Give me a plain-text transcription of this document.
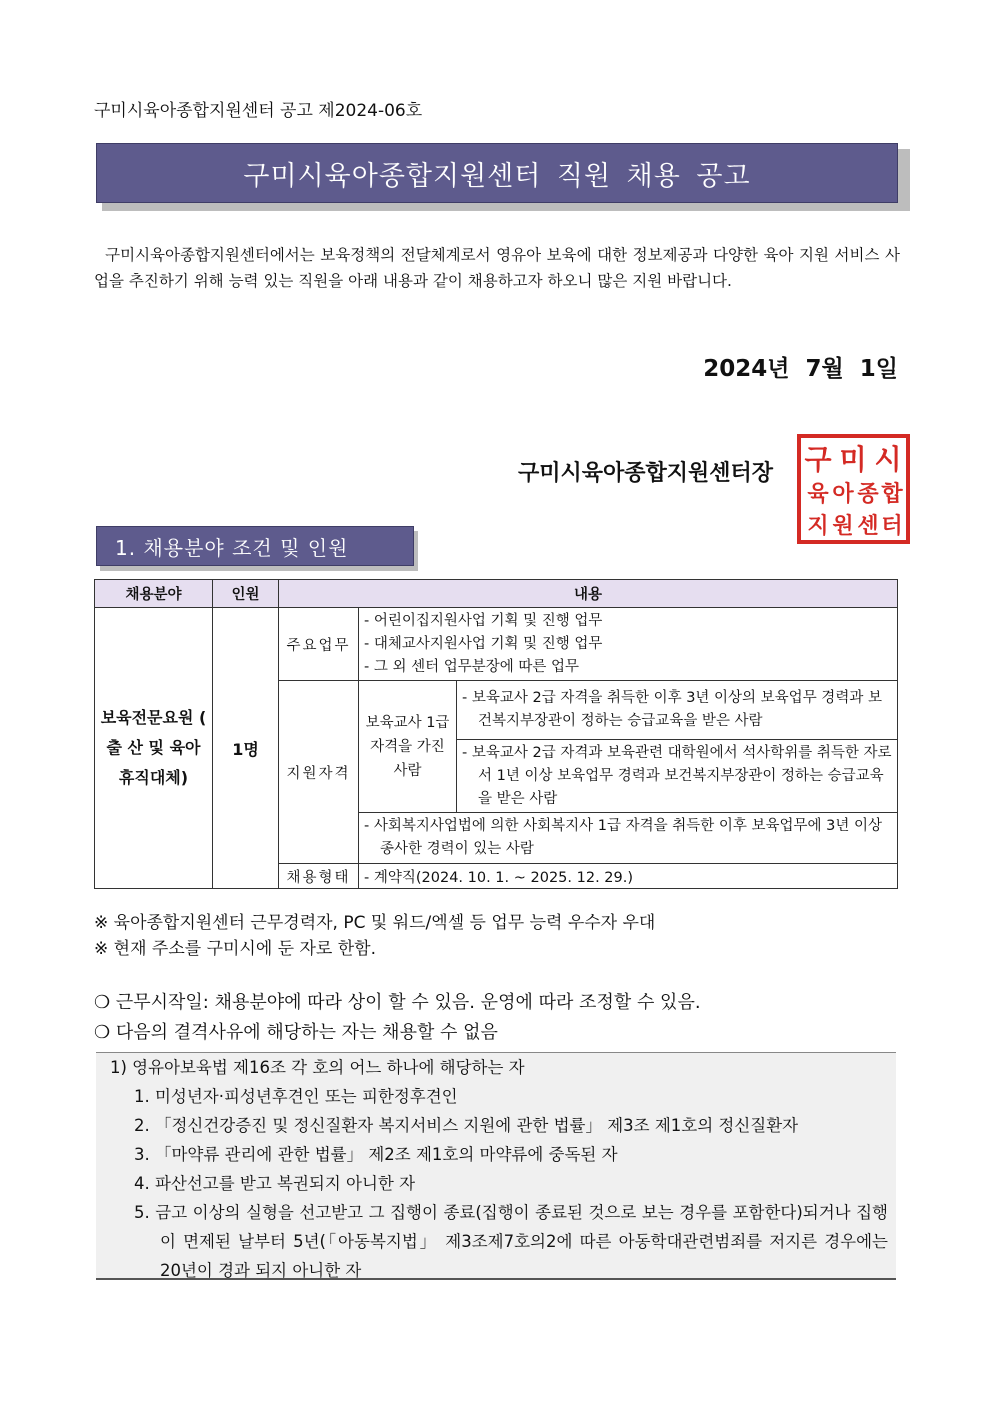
구미시육아종합지원센터 공고 제2024-06호
구미시육아종합지원센터 직원 채용 공고
구미시육아종합지원센터에서는 보육정책의 전달체계로서 영유아 보육에 대한 정보제공과 다양한 육아 지원 서비스 사업을 추진하기 위해 능력 있는 직원을 아래 내용과 같이 채용하고자 하오니 많은 지원 바랍니다.
2024년 7월 1일
구미시육아종합지원센터장 구 미 시
육 아 종 합
지 원 센 터
1. 채용분야 조건 및 인원
채용분야	인원	내용		
보육전문요원 ( 출 산 및 육아휴직대체)	1명	주요업무	- 어린이집지원사업 기획 및 진행 업무
- 대체교사지원사업 기획 및 진행 업무
- 그 외 센터 업무분장에 따른 업무	

		지원자격	보육교사 1급 자격을 가진 사람	- 보육교사 2급 자격을 취득한 이후 3년 이상의 보육업무 경력과 보건복지부장관이 정하는 승급교육을 받은 사람

				- 보육교사 2급 자격과 보육관련 대학원에서 석사학위를 취득한 자로서 1년 이상 보육업무 경력과 보건복지부장관이 정하는 승급교육을 받은 사람

			- 사회복지사업법에 의한 사회복지사 1급 자격을 취득한 이후 보육업무에 3년 이상 종사한 경력이 있는 사람	

		채용형태	- 계약직(2024. 10. 1. ~ 2025. 12. 29.)	
※ 육아종합지원센터 근무경력자, PC 및 워드/엑셀 등 업무 능력 우수자 우대
※ 현재 주소를 구미시에 둔 자로 한함.
❍ 근무시작일: 채용분야에 따라 상이 할 수 있음. 운영에 따라 조정할 수 있음.
❍ 다음의 결격사유에 해당하는 자는 채용할 수 없음
1) 영유아보육법 제16조 각 호의 어느 하나에 해당하는 자
1. 미성년자·피성년후견인 또는 피한정후견인
2. 「정신건강증진 및 정신질환자 복지서비스 지원에 관한 법률」 제3조 제1호의 정신질환자
3. 「마약류 관리에 관한 법률」 제2조 제1호의 마약류에 중독된 자
4. 파산선고를 받고 복권되지 아니한 자
5. 금고 이상의 실형을 선고받고 그 집행이 종료(집행이 종료된 것으로 보는 경우를 포함한다)되거나 집행이 면제된 날부터 5년(「아동복지법」 제3조제7호의2에 따른 아동학대관련범죄를 저지른 경우에는 20년이 경과 되지 아니한 자
